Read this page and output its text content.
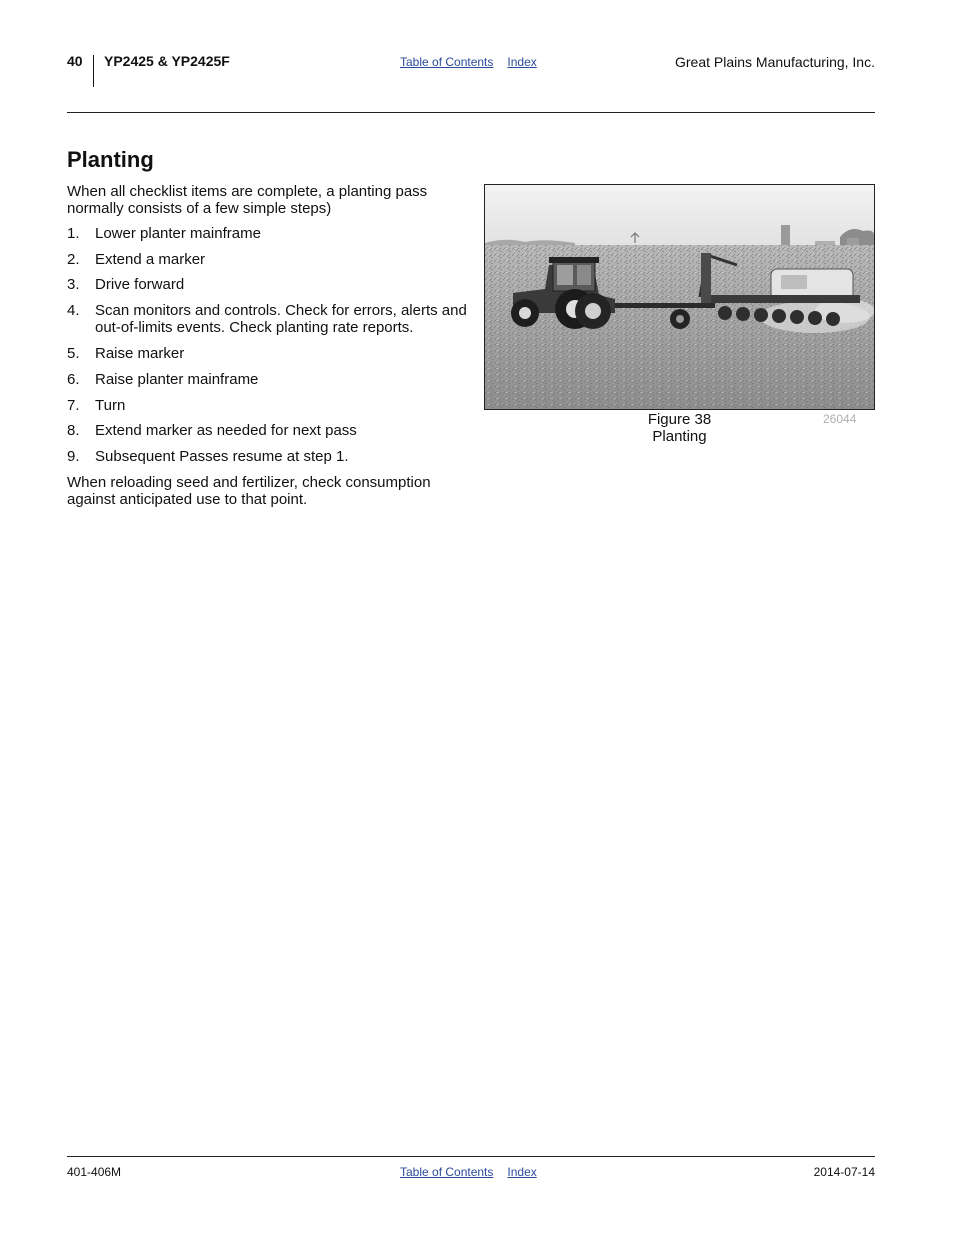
40 YP2425 & YP2425F	Table of Contents Index	Great Plains Manufacturing, Inc.
Planting
When all checklist items are complete, a planting pass normally consists of a few simple steps)
1.	Lower planter mainframe
2.	Extend a marker
3.	Drive forward
4.	Scan monitors and controls. Check for errors, alerts and out-of-limits events. Check planting rate reports.
5.	Raise marker
6.	Raise planter mainframe
7.	Turn
8.	Extend marker as needed for next pass
9.	Subsequent Passes resume at step 1.
When reloading seed and fertilizer, check consumption against anticipated use to that point.
Figure 38
Planting
26044
401-406M	Table of Contents Index	2014-07-14
